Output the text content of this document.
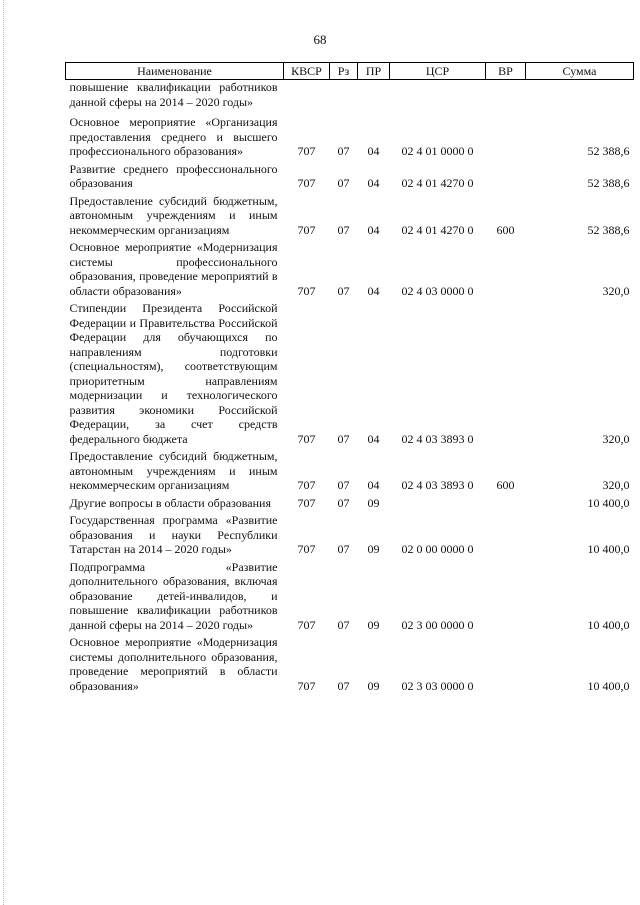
68
Наименование	КВСР	Рз	ПР	ЦСР	ВР	Сумма
повышение квалификации работников данной сферы на 2014 – 2020 годы»						
Основное мероприятие «Организация предоставления среднего и высшего профессионального образования»	707	07	04	02 4 01 0000 0		52 388,6
Развитие среднего профессионального образования	707	07	04	02 4 01 4270 0		52 388,6
Предоставление субсидий бюджетным, автономным учреждениям и иным некоммерческим организациям	707	07	04	02 4 01 4270 0	600	52 388,6
Основное мероприятие «Модернизация системы профессионального образования, проведение мероприятий в области образования»	707	07	04	02 4 03 0000 0		320,0
Стипендии Президента Российской Федерации и Правительства Российской Федерации для обучающихся по направлениям подготовки (специальностям), соответствующим приоритетным направлениям модернизации и технологического развития экономики Российской Федерации, за счет средств федерального бюджета	707	07	04	02 4 03 3893 0		320,0
Предоставление субсидий бюджетным, автономным учреждениям и иным некоммерческим организациям	707	07	04	02 4 03 3893 0	600	320,0
Другие вопросы в области образования	707	07	09			10 400,0
Государственная программа «Развитие образования и науки Республики Татарстан на 2014 – 2020 годы»	707	07	09	02 0 00 0000 0		10 400,0
Подпрограмма «Развитие дополнительного образования, включая образование детей-инвалидов, и повышение квалификации работников данной сферы на 2014 – 2020 годы»	707	07	09	02 3 00 0000 0		10 400,0
Основное мероприятие «Модернизация системы дополнительного образования, проведение мероприятий в области образования»	707	07	09	02 3 03 0000 0		10 400,0
